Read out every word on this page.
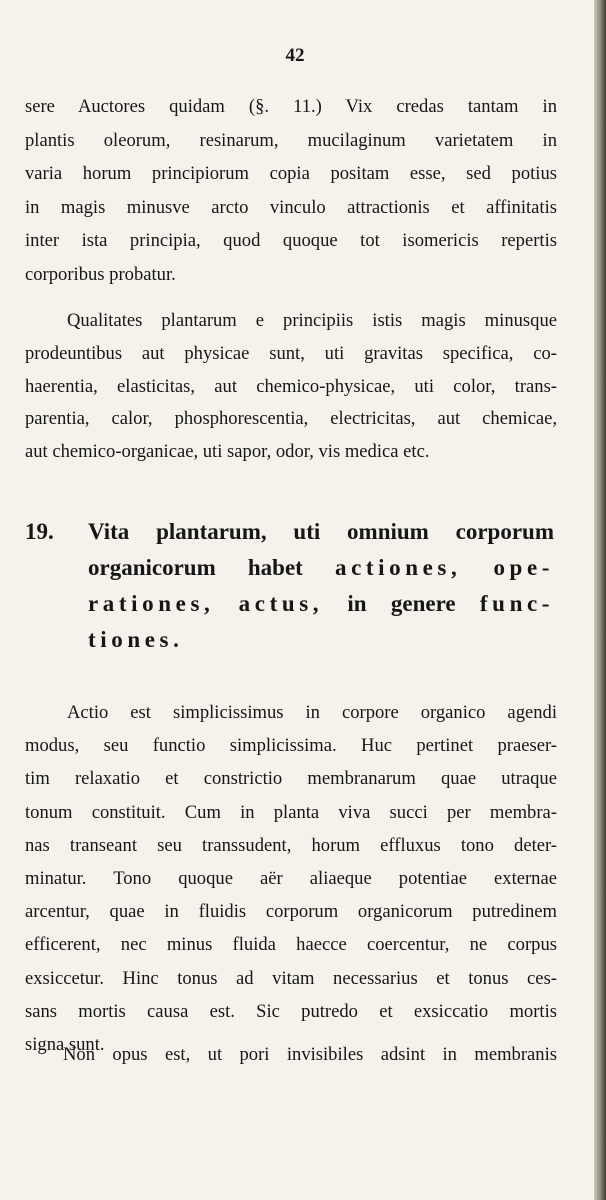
42
sere Auctores quidam (§. 11.) Vix credas tantam in
plantis oleorum, resinarum, mucilaginum varietatem in
varia horum principiorum copia positam esse, sed potius
in magis minusve arcto vinculo attractionis et affinitatis
inter ista principia, quod quoque tot isomericis repertis
corporibus probatur.
Qualitates plantarum e principiis istis magis minusque
prodeuntibus aut physicae sunt, uti gravitas specifica, co-
haerentia, elasticitas, aut chemico-physicae, uti color, trans-
parentia, calor, phosphorescentia, electricitas, aut chemicae,
aut chemico-organicae, uti sapor, odor, vis medica etc.
19. Vita plantarum, uti omnium corporum
organicorum habet actiones, ope-
rationes, actus, in genere func-
tiones.
Actio est simplicissimus in corpore organico agendi
modus, seu functio simplicissima. Huc pertinet praeser-
tim relaxatio et constrictio membranarum quae utraque
tonum constituit. Cum in planta viva succi per membra-
nas transeant seu transsudent, horum effluxus tono deter-
minatur. Tono quoque aër aliaeque potentiae externae
arcentur, quae in fluidis corporum organicorum putredinem
efficerent, nec minus fluida haecce coercentur, ne corpus
exsiccetur. Hinc tonus ad vitam necessarius et tonus ces-
sans mortis causa est. Sic putredo et exsiccatio mortis
signa sunt.
Non opus est, ut pori invisibiles adsint in membranis
